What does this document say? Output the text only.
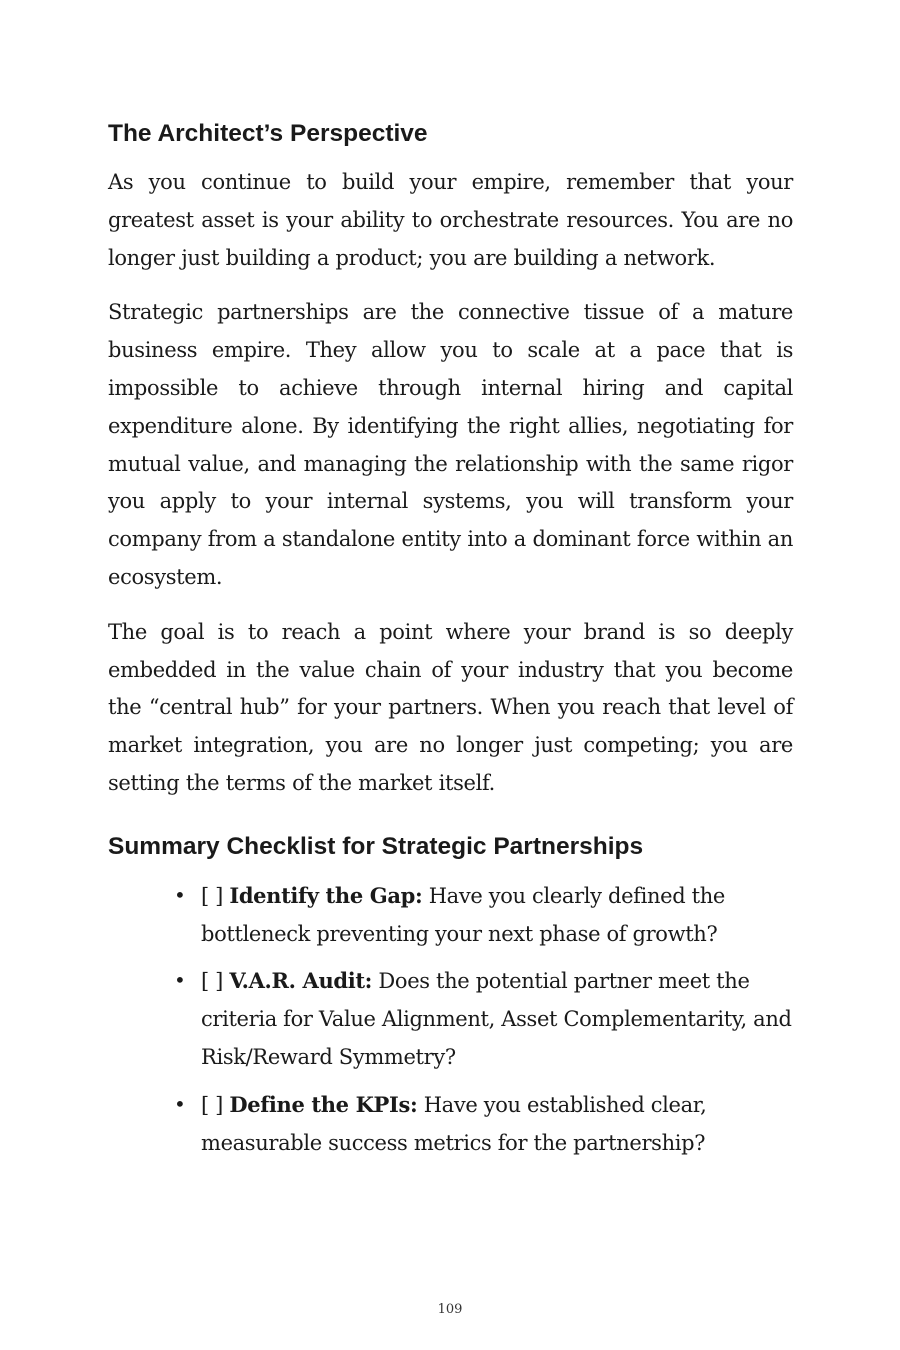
The Architect’s Perspective

As you continue to build your empire, remember that your greatest asset is your ability to orchestrate resources. You are no longer just building a product; you are building a network.

Strategic partnerships are the connective tissue of a mature business empire. They allow you to scale at a pace that is impossible to achieve through internal hiring and capital expenditure alone. By identifying the right allies, negotiating for mutual value, and managing the relationship with the same rigor you apply to your internal systems, you will transform your company from a standalone entity into a dominant force within an ecosystem.

The goal is to reach a point where your brand is so deeply embedded in the value chain of your industry that you become the “central hub” for your partners. When you reach that level of market integration, you are no longer just competing; you are setting the terms of the market itself.

Summary Checklist for Strategic Partnerships
• [ ] Identify the Gap: Have you clearly defined the bottleneck preventing your next phase of growth?
• [ ] V.A.R. Audit: Does the potential partner meet the criteria for Value Alignment, Asset Complementarity, and Risk/Reward Symmetry?
• [ ] Define the KPIs: Have you established clear, measurable success metrics for the partnership?
109
